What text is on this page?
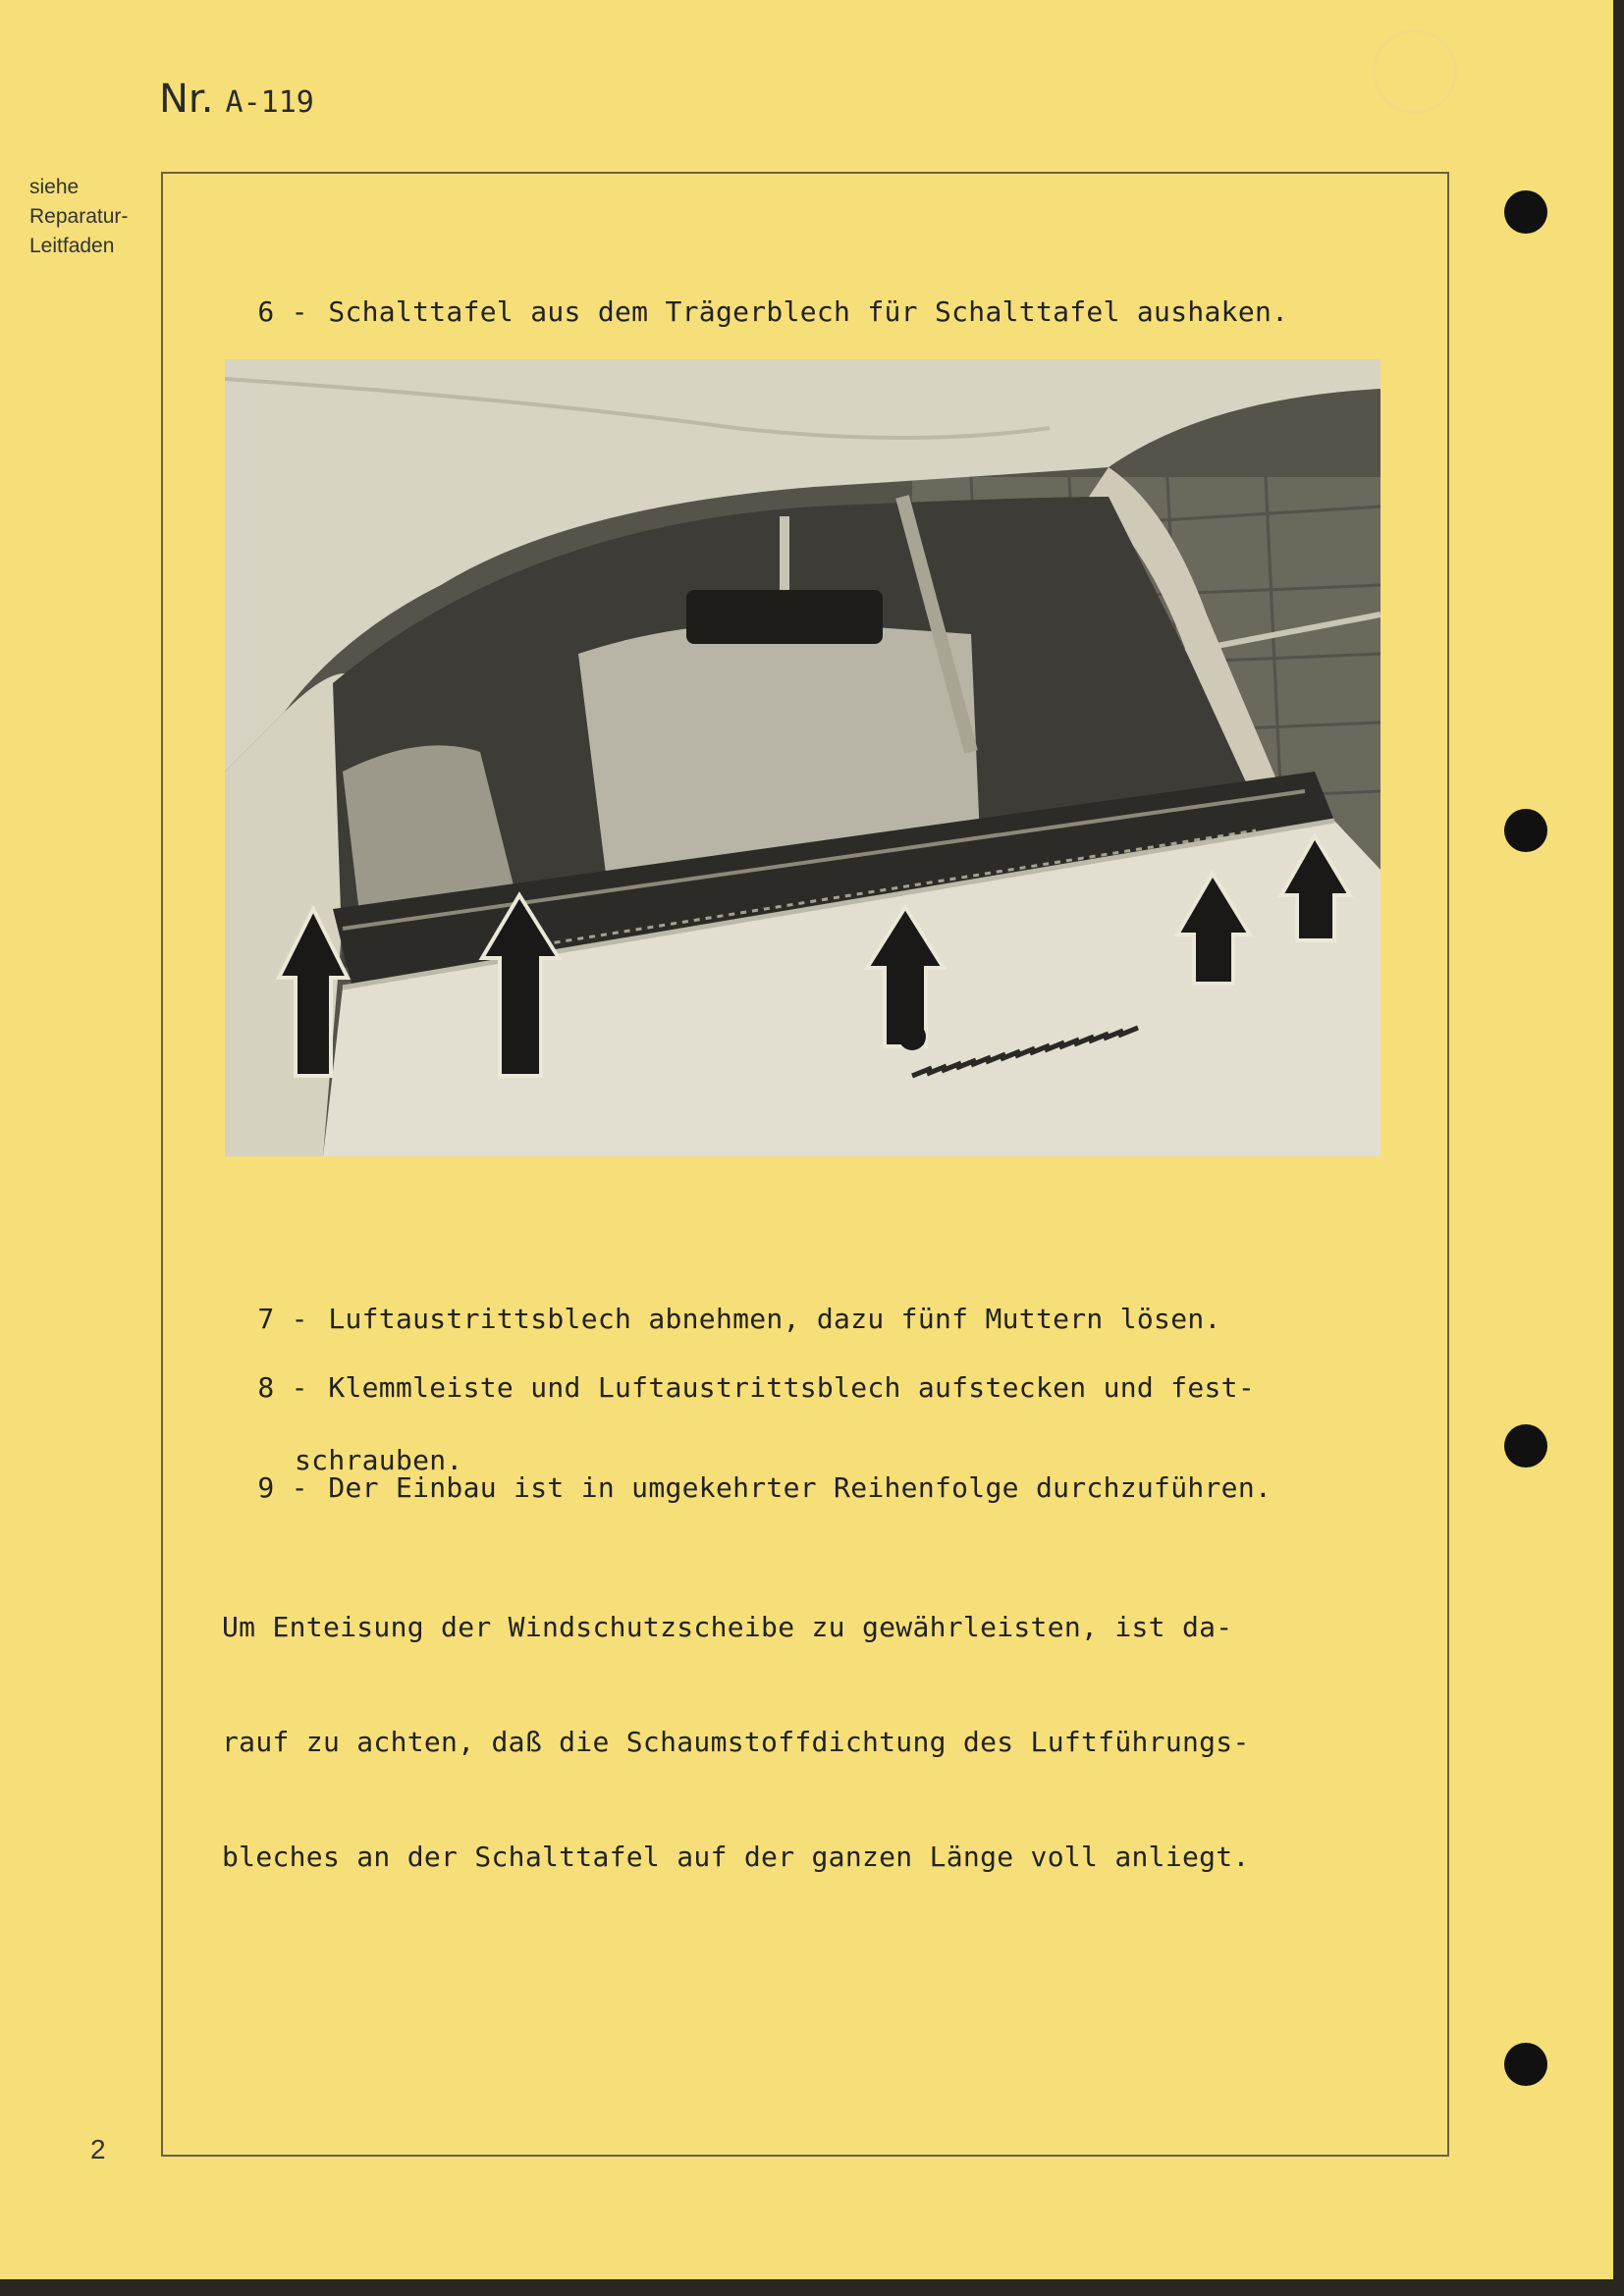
Nr. A-119
siehe
Reparatur-
Leitfaden

6 - Schalttafel aus dem Trägerblech für Schalttafel aushaken.

7 - Luftaustrittsblech abnehmen, dazu fünf Muttern lösen.

8 - Klemmleiste und Luftaustrittsblech aufstecken und fest-

schrauben.

9 - Der Einbau ist in umgekehrter Reihenfolge durchzuführen.

Um Enteisung der Windschutzscheibe zu gewährleisten, ist da-

rauf zu achten, daß die Schaumstoffdichtung des Luftführungs-

bleches an der Schalttafel auf der ganzen Länge voll anliegt.

2
